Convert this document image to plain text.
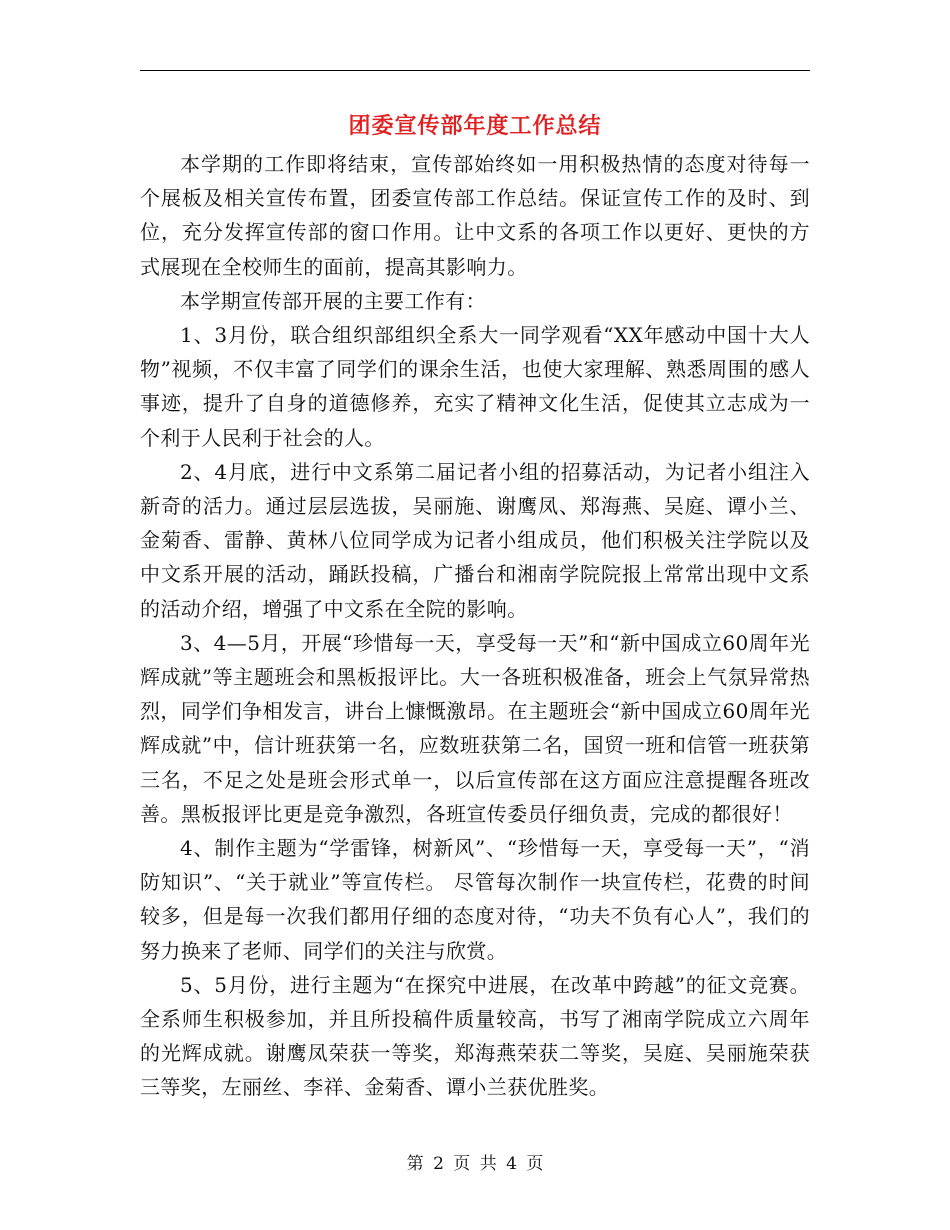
团委宣传部年度工作总结

本学期的工作即将结束，宣传部始终如一用积极热情的态度对待每一个展板及相关宣传布置，团委宣传部工作总结。保证宣传工作的及时、到位，充分发挥宣传部的窗口作用。让中文系的各项工作以更好、更快的方式展现在全校师生的面前，提高其影响力。

本学期宣传部开展的主要工作有：

1、3月份，联合组织部组织全系大一同学观看“XX年感动中国十大人物”视频，不仅丰富了同学们的课余生活，也使大家理解、熟悉周围的感人事迹，提升了自身的道德修养，充实了精神文化生活，促使其立志成为一个利于人民利于社会的人。

2、4月底，进行中文系第二届记者小组的招募活动，为记者小组注入新奇的活力。通过层层选拔，吴丽施、谢鹰凤、郑海燕、吴庭、谭小兰、金菊香、雷静、黄林八位同学成为记者小组成员，他们积极关注学院以及中文系开展的活动，踊跃投稿，广播台和湘南学院院报上常常出现中文系的活动介绍，增强了中文系在全院的影响。

3、4—5月，开展“珍惜每一天，享受每一天”和“新中国成立60周年光辉成就”等主题班会和黑板报评比。大一各班积极准备，班会上气氛异常热烈，同学们争相发言，讲台上慷慨激昂。在主题班会“新中国成立60周年光辉成就”中，信计班获第一名，应数班获第二名，国贸一班和信管一班获第三名，不足之处是班会形式单一，以后宣传部在这方面应注意提醒各班改善。黑板报评比更是竞争激烈，各班宣传委员仔细负责，完成的都很好！

4、制作主题为“学雷锋，树新风”、“珍惜每一天，享受每一天”，“消防知识”、“关于就业”等宣传栏。 尽管每次制作一块宣传栏，花费的时间较多，但是每一次我们都用仔细的态度对待，“功夫不负有心人”，我们的努力换来了老师、同学们的关注与欣赏。

5、5月份，进行主题为“在探究中进展，在改革中跨越”的征文竞赛。全系师生积极参加，并且所投稿件质量较高，书写了湘南学院成立六周年的光辉成就。谢鹰凤荣获一等奖，郑海燕荣获二等奖，吴庭、吴丽施荣获三等奖，左丽丝、李祥、金菊香、谭小兰获优胜奖。

第 2 页 共 4 页
